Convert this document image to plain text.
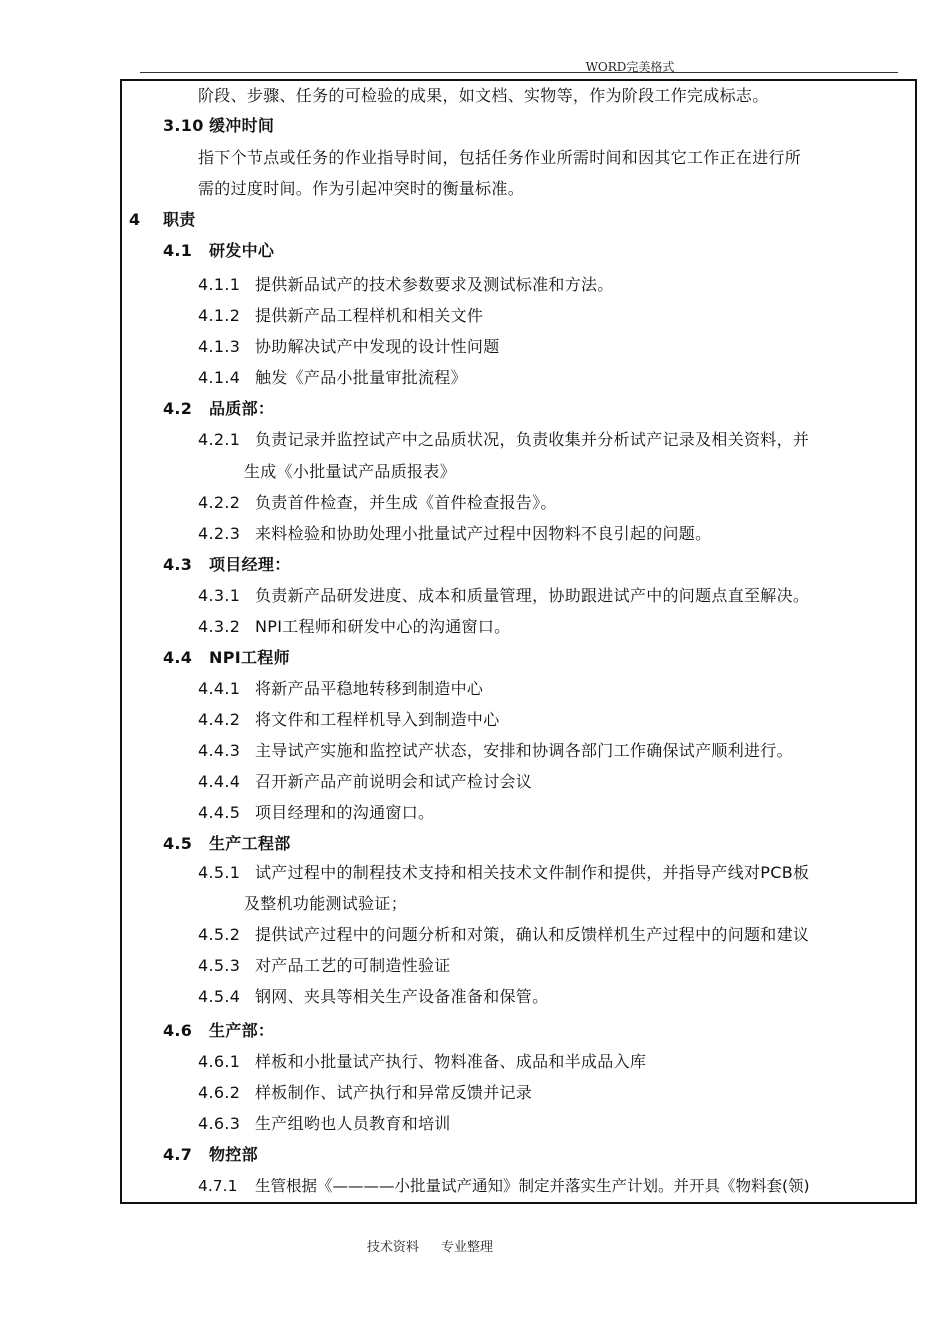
WORD完美格式
阶段、步骤、任务的可检验的成果，如文档、实物等，作为阶段工作完成标志。
3.10 缓冲时间
指下个节点或任务的作业指导时间，包括任务作业所需时间和因其它工作正在进行所
需的过度时间。作为引起冲突时的衡量标准。
4 职责
4.1 研发中心
4.1.1 提供新品试产的技术参数要求及测试标准和方法。
4.1.2 提供新产品工程样机和相关文件
4.1.3 协助解决试产中发现的设计性问题
4.1.4 触发《产品小批量审批流程》
4.2 品质部：
4.2.1 负责记录并监控试产中之品质状况，负责收集并分析试产记录及相关资料，并
生成《小批量试产品质报表》
4.2.2 负责首件检查，并生成《首件检查报告》。
4.2.3 来料检验和协助处理小批量试产过程中因物料不良引起的问题。
4.3 项目经理：
4.3.1 负责新产品研发进度、成本和质量管理，协助跟进试产中的问题点直至解决。
4.3.2 NPI工程师和研发中心的沟通窗口。
4.4 NPI工程师
4.4.1 将新产品平稳地转移到制造中心
4.4.2 将文件和工程样机导入到制造中心
4.4.3 主导试产实施和监控试产状态，安排和协调各部门工作确保试产顺利进行。
4.4.4 召开新产品产前说明会和试产检讨会议
4.4.5 项目经理和的沟通窗口。
4.5 生产工程部
4.5.1 试产过程中的制程技术支持和相关技术文件制作和提供，并指导产线对PCB板
及整机功能测试验证；
4.5.2 提供试产过程中的问题分析和对策，确认和反馈样机生产过程中的问题和建议
4.5.3 对产品工艺的可制造性验证
4.5.4 钢网、夹具等相关生产设备准备和保管。
4.6 生产部：
4.6.1 样板和小批量试产执行、物料准备、成品和半成品入库
4.6.2 样板制作、试产执行和异常反馈并记录
4.6.3 生产组哟也人员教育和培训
4.7 物控部
4.7.1 生管根据《————小批量试产通知》制定并落实生产计划。并开具《物料套(领)
技术资料 专业整理
